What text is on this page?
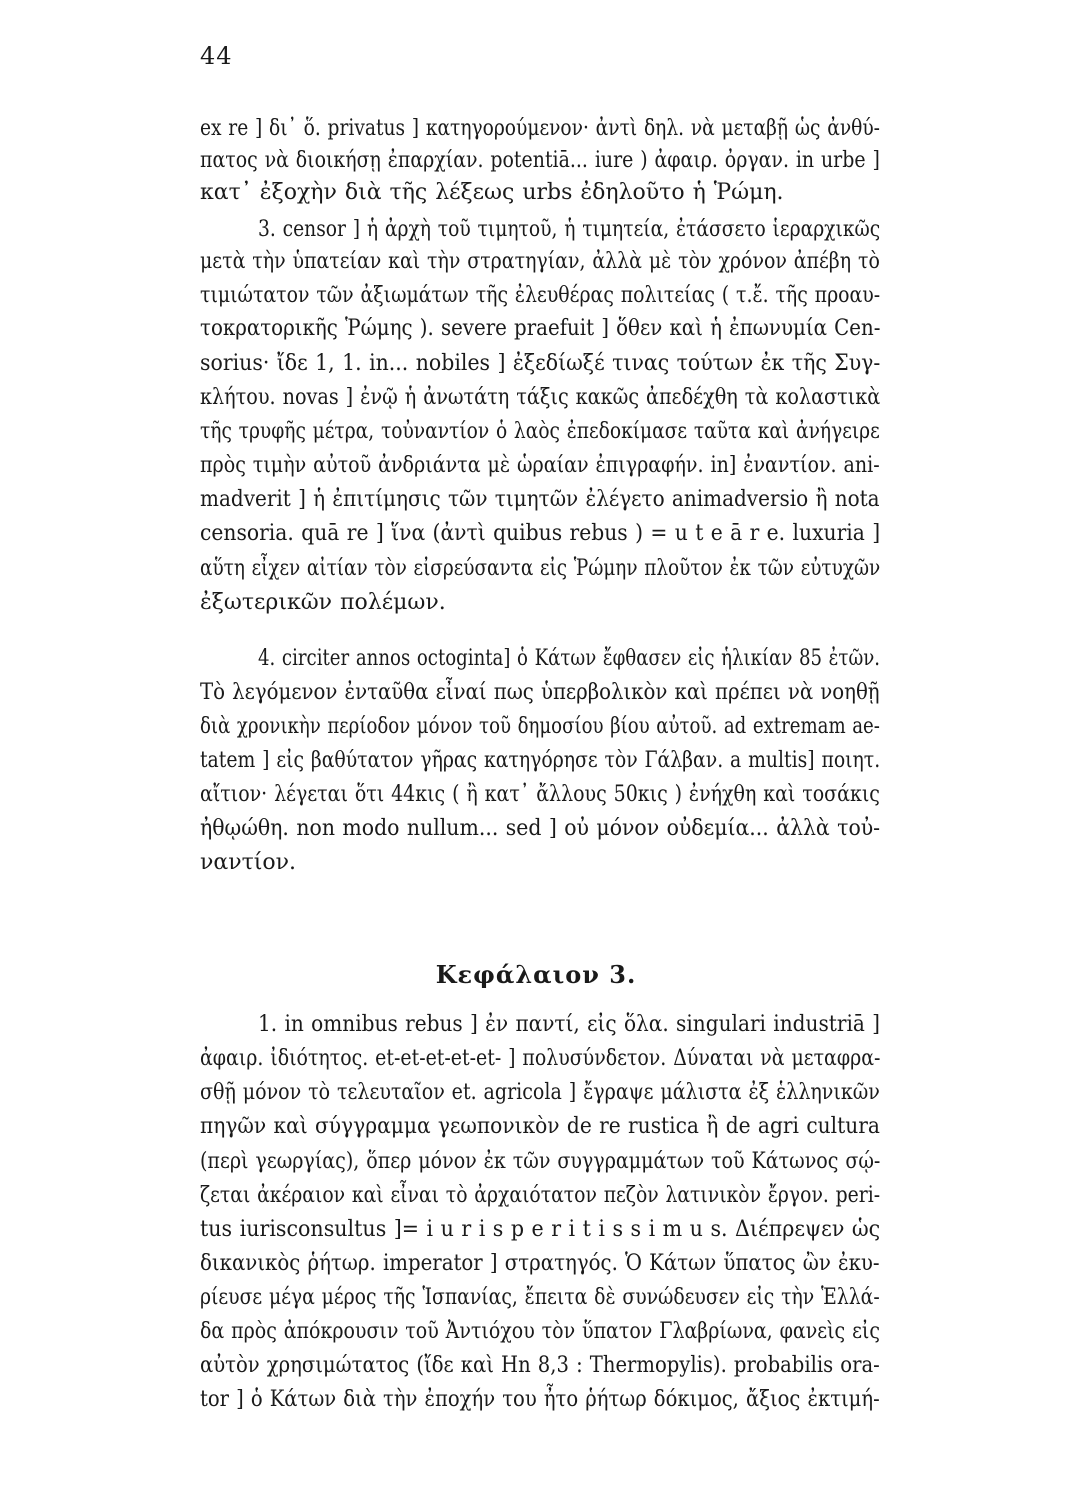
44
ex re ] δι᾽ ὅ. privatus ] κατηγορούμενον· ἀντὶ δηλ. νὰ μεταβῇ ὡς ἀνθύ-
πατος νὰ διοικήσῃ ἐπαρχίαν. potentiā... iure ) ἀφαιρ. ὀργαν. in urbe ]
κατ᾽ ἐξοχὴν διὰ τῆς λέξεως urbs ἐδηλοῦτο ἡ Ῥώμη.
3. censor ] ἡ ἀρχὴ τοῦ τιμητοῦ, ἡ τιμητεία, ἐτάσσετο ἱεραρχικῶς
μετὰ τὴν ὑπατείαν καὶ τὴν στρατηγίαν, ἀλλὰ μὲ τὸν χρόνον ἀπέβη τὸ
τιμιώτατον τῶν ἀξιωμάτων τῆς ἐλευθέρας πολιτείας ( τ.ἔ. τῆς προαυ-
τοκρατορικῆς Ῥώμης ). severe praefuit ] ὅθεν καὶ ἡ ἐπωνυμία Cen-
sorius· ἴδε 1, 1. in... nobiles ] ἐξεδίωξέ τινας τούτων ἐκ τῆς Συγ-
κλήτου. novas ] ἐνῷ ἡ ἀνωτάτη τάξις κακῶς ἀπεδέχθη τὰ κολαστικὰ
τῆς τρυφῆς μέτρα, τοὐναντίον ὁ λαὸς ἐπεδοκίμασε ταῦτα καὶ ἀνήγειρε
πρὸς τιμὴν αὐτοῦ ἀνδριάντα μὲ ὡραίαν ἐπιγραφήν. in] ἐναντίον. ani-
madverit ] ἡ ἐπιτίμησις τῶν τιμητῶν ἐλέγετο animadversio ἢ nota
censoria. quā re ] ἵνα (ἀντὶ quibus rebus ) = u t e ā r e. luxuria ]
αὕτη εἶχεν αἰτίαν τὸν εἰσρεύσαντα εἰς Ῥώμην πλοῦτον ἐκ τῶν εὐτυχῶν
ἐξωτερικῶν πολέμων.
4. circiter annos octoginta] ὁ Κάτων ἔφθασεν εἰς ἡλικίαν 85 ἐτῶν.
Τὸ λεγόμενον ἐνταῦθα εἶναί πως ὑπερβολικὸν καὶ πρέπει νὰ νοηθῇ
διὰ χρονικὴν περίοδον μόνον τοῦ δημοσίου βίου αὐτοῦ. ad extremam ae-
tatem ] εἰς βαθύτατον γῆρας κατηγόρησε τὸν Γάλβαν. a multis] ποιητ.
αἴτιον· λέγεται ὅτι 44κις ( ἢ κατ᾽ ἄλλους 50κις ) ἐνήχθη καὶ τοσάκις
ἠθῳώθη. non modo nullum... sed ] οὐ μόνον οὐδεμία... ἀλλὰ τοὐ-
ναντίον.
Κεφάλαιον 3.
1. in omnibus rebus ] ἐν παντί, εἰς ὅλα. singulari industriā ]
ἀφαιρ. ἰδιότητος. et-et-et-et-et- ] πολυσύνδετον. Δύναται νὰ μεταφρα-
σθῇ μόνον τὸ τελευταῖον et. agricola ] ἔγραψε μάλιστα ἐξ ἑλληνικῶν
πηγῶν καὶ σύγγραμμα γεωπονικὸν de re rustica ἢ de agri cultura
(περὶ γεωργίας), ὅπερ μόνον ἐκ τῶν συγγραμμάτων τοῦ Κάτωνος σῴ-
ζεται ἀκέραιον καὶ εἶναι τὸ ἀρχαιότατον πεζὸν λατινικὸν ἔργον. peri-
tus iurisconsultus ]= i u r i s p e r i t i s s i m u s. Διέπρεψεν ὡς
δικανικὸς ῥήτωρ. imperator ] στρατηγός. Ὁ Κάτων ὕπατος ὢν ἐκυ-
ρίευσε μέγα μέρος τῆς Ἱσπανίας, ἔπειτα δὲ συνώδευσεν εἰς τὴν Ἑλλά-
δα πρὸς ἀπόκρουσιν τοῦ Ἀντιόχου τὸν ὕπατον Γλαβρίωνα, φανεὶς εἰς
αὐτὸν χρησιμώτατος (ἴδε καὶ Hn 8,3 : Thermopylis). probabilis ora-
tor ] ὁ Κάτων διὰ τὴν ἐποχήν του ἦτο ῥήτωρ δόκιμος, ἄξιος ἐκτιμή-
